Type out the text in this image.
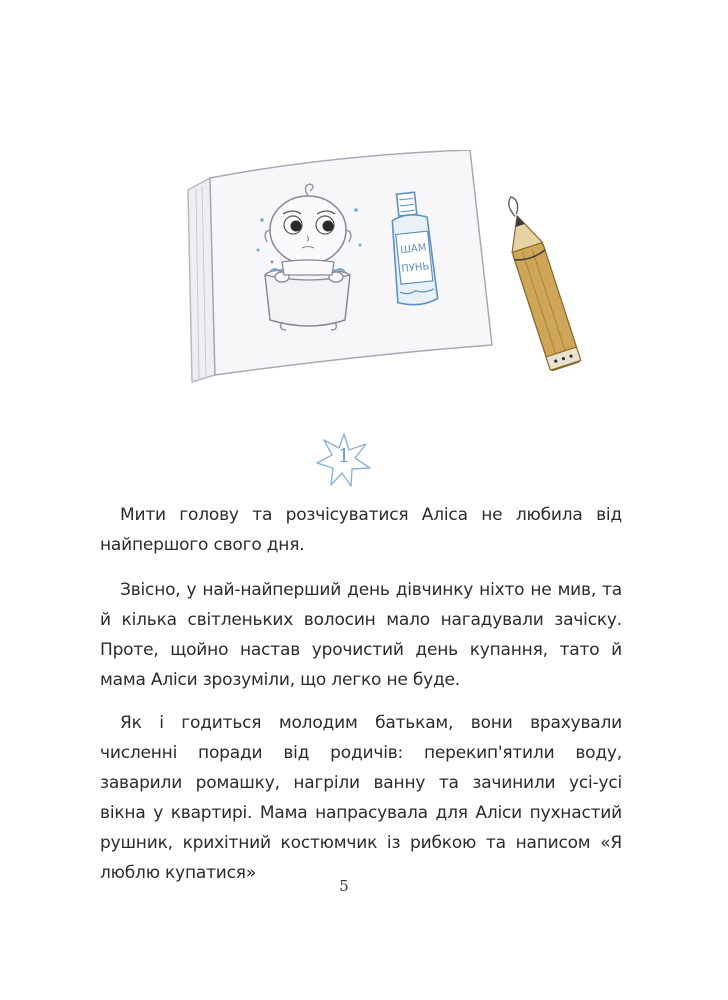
ШАМ
ПУНЬ
1

Мити голову та розчісуватися Аліса не любила від найпершого свого дня.

Звісно, у най-найперший день дівчинку ніхто не мив, та й кілька світленьких волосин мало нагадували зачіску. Проте, щойно настав урочистий день купання, тато й мама Аліси зрозуміли, що легко не буде.

Як і годиться молодим батькам, вони врахували численні поради від родичів: перекип'ятили воду, заварили ромашку, нагріли ванну та зачинили усі-усі вікна у квартирі. Мама напрасувала для Аліси пухнастий рушник, крихітний костюмчик із рибкою та написом «Я люблю купатися»

5
